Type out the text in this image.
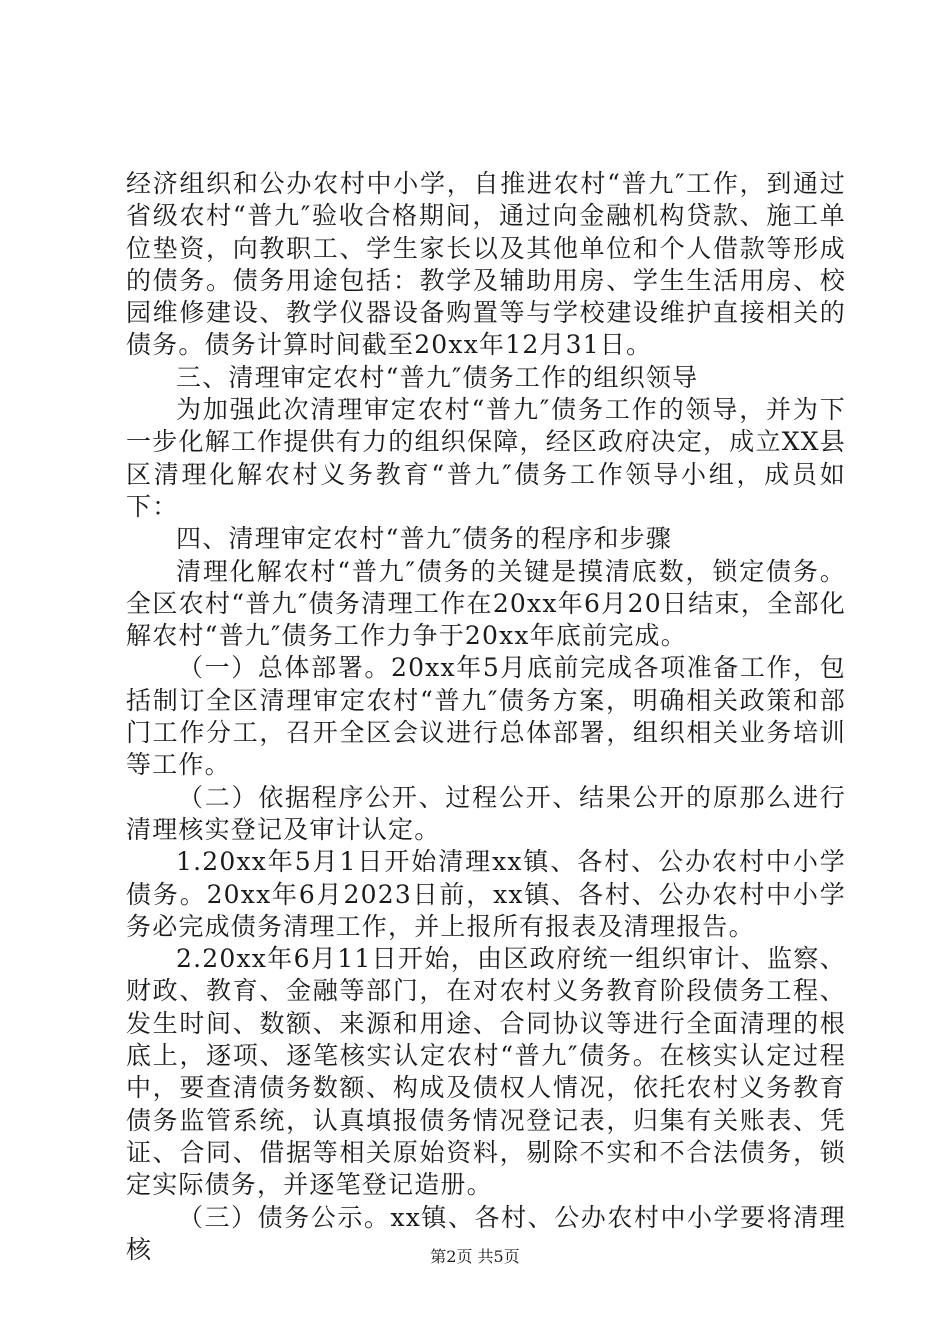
经济组织和公办农村中小学，自推进农村“普九″工作，到通过省级农村“普九″验收合格期间，通过向金融机构贷款、施工单位垫资，向教职工、学生家长以及其他单位和个人借款等形成的债务。债务用途包括：教学及辅助用房、学生生活用房、校园维修建设、教学仪器设备购置等与学校建设维护直接相关的债务。债务计算时间截至20xx年12月31日。

三、清理审定农村“普九″债务工作的组织领导

为加强此次清理审定农村“普九″债务工作的领导，并为下一步化解工作提供有力的组织保障，经区政府决定，成立XX县区清理化解农村义务教育“普九″债务工作领导小组，成员如下：

四、清理审定农村“普九″债务的程序和步骤

清理化解农村“普九″债务的关键是摸清底数，锁定债务。全区农村“普九″债务清理工作在20xx年6月20日结束，全部化解农村“普九″债务工作力争于20xx年底前完成。

（一）总体部署。20xx年5月底前完成各项准备工作，包括制订全区清理审定农村“普九″债务方案，明确相关政策和部门工作分工，召开全区会议进行总体部署，组织相关业务培训等工作。

（二）依据程序公开、过程公开、结果公开的原那么进行清理核实登记及审计认定。

1.20xx年5月1日开始清理xx镇、各村、公办农村中小学债务。20xx年6月2023日前，xx镇、各村、公办农村中小学务必完成债务清理工作，并上报所有报表及清理报告。

2.20xx年6月11日开始，由区政府统一组织审计、监察、财政、教育、金融等部门，在对农村义务教育阶段债务工程、发生时间、数额、来源和用途、合同协议等进行全面清理的根底上，逐项、逐笔核实认定农村“普九″债务。在核实认定过程中，要查清债务数额、构成及债权人情况，依托农村义务教育债务监管系统，认真填报债务情况登记表，归集有关账表、凭证、合同、借据等相关原始资料，剔除不实和不合法债务，锁定实际债务，并逐笔登记造册。

（三）债务公示。xx镇、各村、公办农村中小学要将清理核	第2页 共5页
